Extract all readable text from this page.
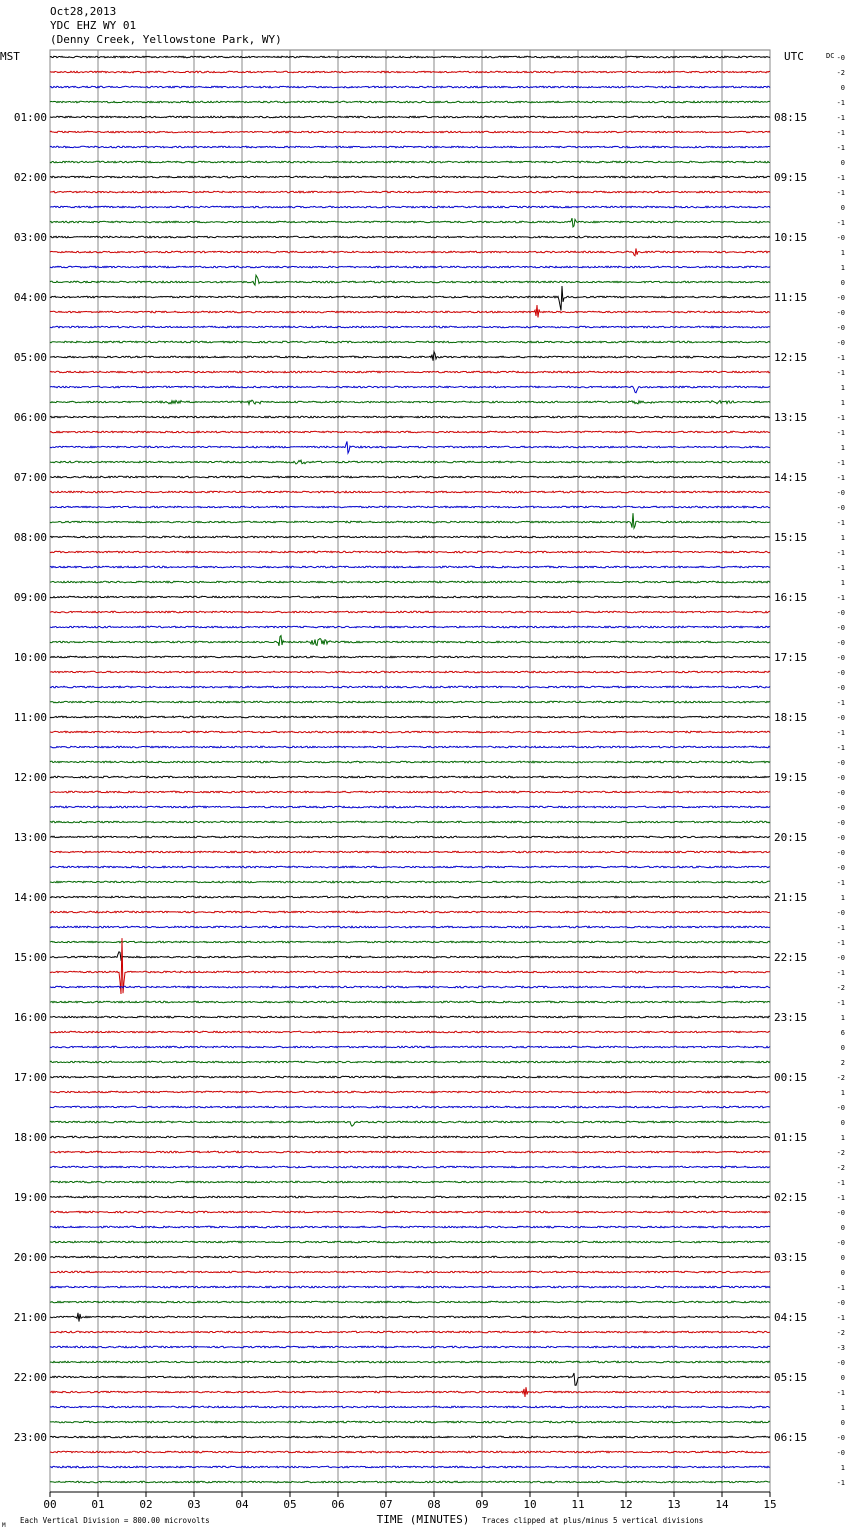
Oct28,2013
YDC EHZ WY 01
(Denny Creek, Yellowstone Park, WY)
-0
-2
0
-1
-1
-1
-1
0
-1
-1
0
-1
-0
1
1
0
-0
-0
-0
-0
-1
-1
1
1
-1
-1
1
-1
-1
-0
-0
-1
1
-1
-1
1
-1
-0
-0
-0
-0
-0
-0
-1
-0
-1
-1
-0
-0
-0
-0
-0
-0
-0
-0
-1
1
-0
-1
-1
-0
-1
-2
-1
1
6
0
2
-2
1
-0
0
1
-2
-2
-1
-1
-0
0
-0
0
0
-1
-0
-1
-2
-3
-0
0
-1
1
0
-0
-0
1
-1
MST	UTC	DC
01:00
02:00
03:00
04:00
05:00
06:00
07:00
08:00
09:00
10:00
11:00
12:00
13:00
14:00
15:00
16:00
17:00
18:00
19:00
20:00
21:00
22:00
23:00
08:15
09:15
10:15
11:15
12:15
13:15
14:15
15:15
16:15
17:15
18:15
19:15
20:15
21:15
22:15
23:15
00:15
01:15
02:15
03:15
04:15
05:15
06:15
00	01	02	03	04	05	06	07	08	09	10	11	12	13	14	15
TIME (MINUTES)
Each Vertical Division = 800.00 microvolts	Traces clipped at plus/minus 5 vertical divisions
M
